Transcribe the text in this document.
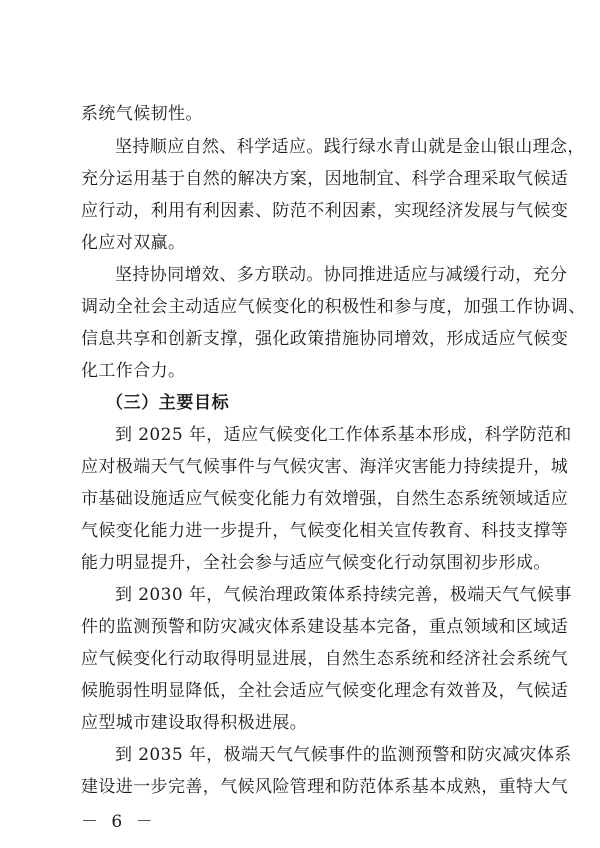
系统气候韧性。
坚持顺应自然、科学适应。践行绿水青山就是金山银山理念，
充分运用基于自然的解决方案，因地制宜、科学合理采取气候适
应行动，利用有利因素、防范不利因素，实现经济发展与气候变
化应对双赢。
坚持协同增效、多方联动。协同推进适应与减缓行动，充分
调动全社会主动适应气候变化的积极性和参与度，加强工作协调、
信息共享和创新支撑，强化政策措施协同增效，形成适应气候变
化工作合力。
（三）主要目标
到 2025 年，适应气候变化工作体系基本形成，科学防范和
应对极端天气气候事件与气候灾害、海洋灾害能力持续提升，城
市基础设施适应气候变化能力有效增强，自然生态系统领域适应
气候变化能力进一步提升，气候变化相关宣传教育、科技支撑等
能力明显提升，全社会参与适应气候变化行动氛围初步形成。
到 2030 年，气候治理政策体系持续完善，极端天气气候事
件的监测预警和防灾减灾体系建设基本完备，重点领域和区域适
应气候变化行动取得明显进展，自然生态系统和经济社会系统气
候脆弱性明显降低，全社会适应气候变化理念有效普及，气候适
应型城市建设取得积极进展。
到 2035 年，极端天气气候事件的监测预警和防灾减灾体系
建设进一步完善，气候风险管理和防范体系基本成熟，重特大气
－ 6 －
